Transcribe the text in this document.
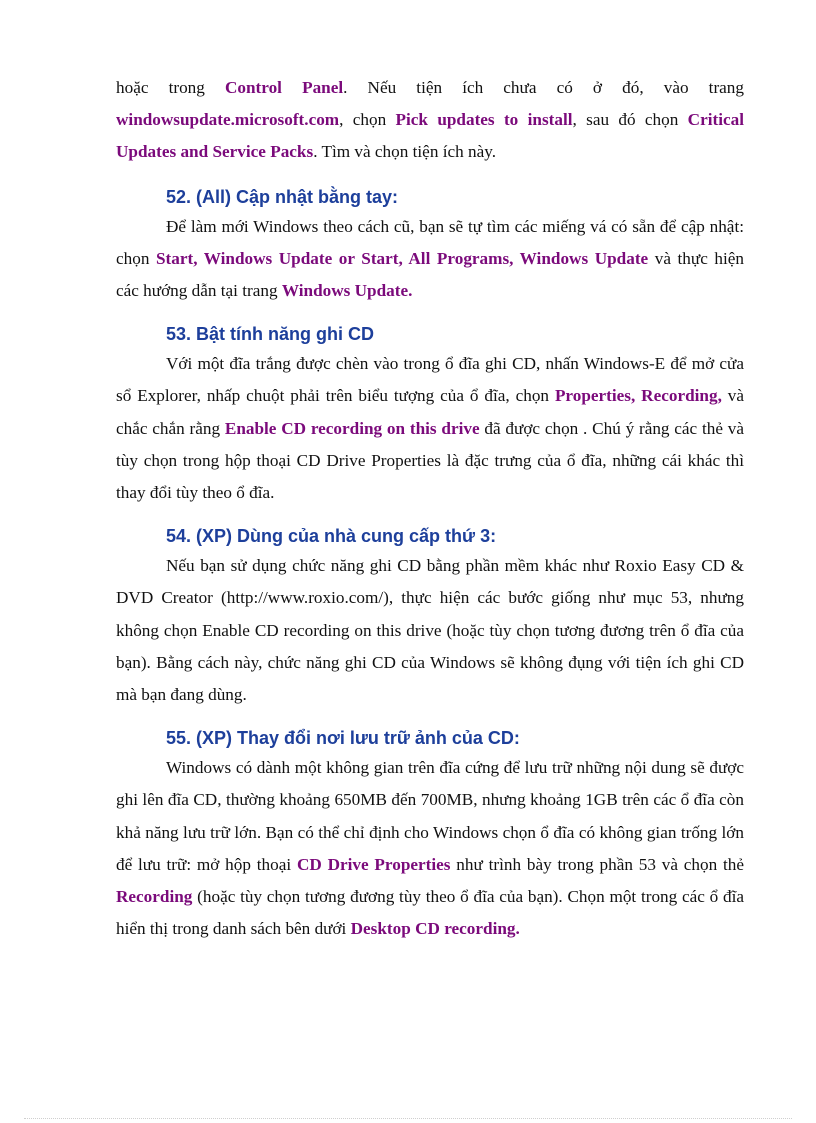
hoặc trong Control Panel. Nếu tiện ích chưa có ở đó, vào trang windowsupdate.microsoft.com, chọn Pick updates to install, sau đó chọn Critical Updates and Service Packs. Tìm và chọn tiện ích này.

52. (All) Cập nhật bằng tay:

Để làm mới Windows theo cách cũ, bạn sẽ tự tìm các miếng vá có sẵn để cập nhật: chọn Start, Windows Update or Start, All Programs, Windows Update và thực hiện các hướng dẫn tại trang Windows Update.

53. Bật tính năng ghi CD

Với một đĩa trắng được chèn vào trong ổ đĩa ghi CD, nhấn Windows-E để mở cửa sổ Explorer, nhấp chuột phải trên biểu tượng của ổ đĩa, chọn Properties, Recording, và chắc chắn rằng Enable CD recording on this drive đã được chọn . Chú ý rằng các thẻ và tùy chọn trong hộp thoại CD Drive Properties là đặc trưng của ổ đĩa, những cái khác thì thay đổi tùy theo ổ đĩa.

54. (XP) Dùng của nhà cung cấp thứ 3:

Nếu bạn sử dụng chức năng ghi CD bằng phần mềm khác như Roxio Easy CD & DVD Creator (http://www.roxio.com/), thực hiện các bước giống như mục 53, nhưng không chọn Enable CD recording on this drive (hoặc tùy chọn tương đương trên ổ đĩa của bạn). Bằng cách này, chức năng ghi CD của Windows sẽ không đụng với tiện ích ghi CD mà bạn đang dùng.

55. (XP) Thay đổi nơi lưu trữ ảnh của CD:

Windows có dành một không gian trên đĩa cứng để lưu trữ những nội dung sẽ được ghi lên đĩa CD, thường khoảng 650MB đến 700MB, nhưng khoảng 1GB trên các ổ đĩa còn khả năng lưu trữ lớn. Bạn có thể chỉ định cho Windows chọn ổ đĩa có không gian trống lớn để lưu trữ: mở hộp thoại CD Drive Properties như trình bày trong phần 53 và chọn thẻ Recording (hoặc tùy chọn tương đương tùy theo ổ đĩa của bạn). Chọn một trong các ổ đĩa hiển thị trong danh sách bên dưới Desktop CD recording.
